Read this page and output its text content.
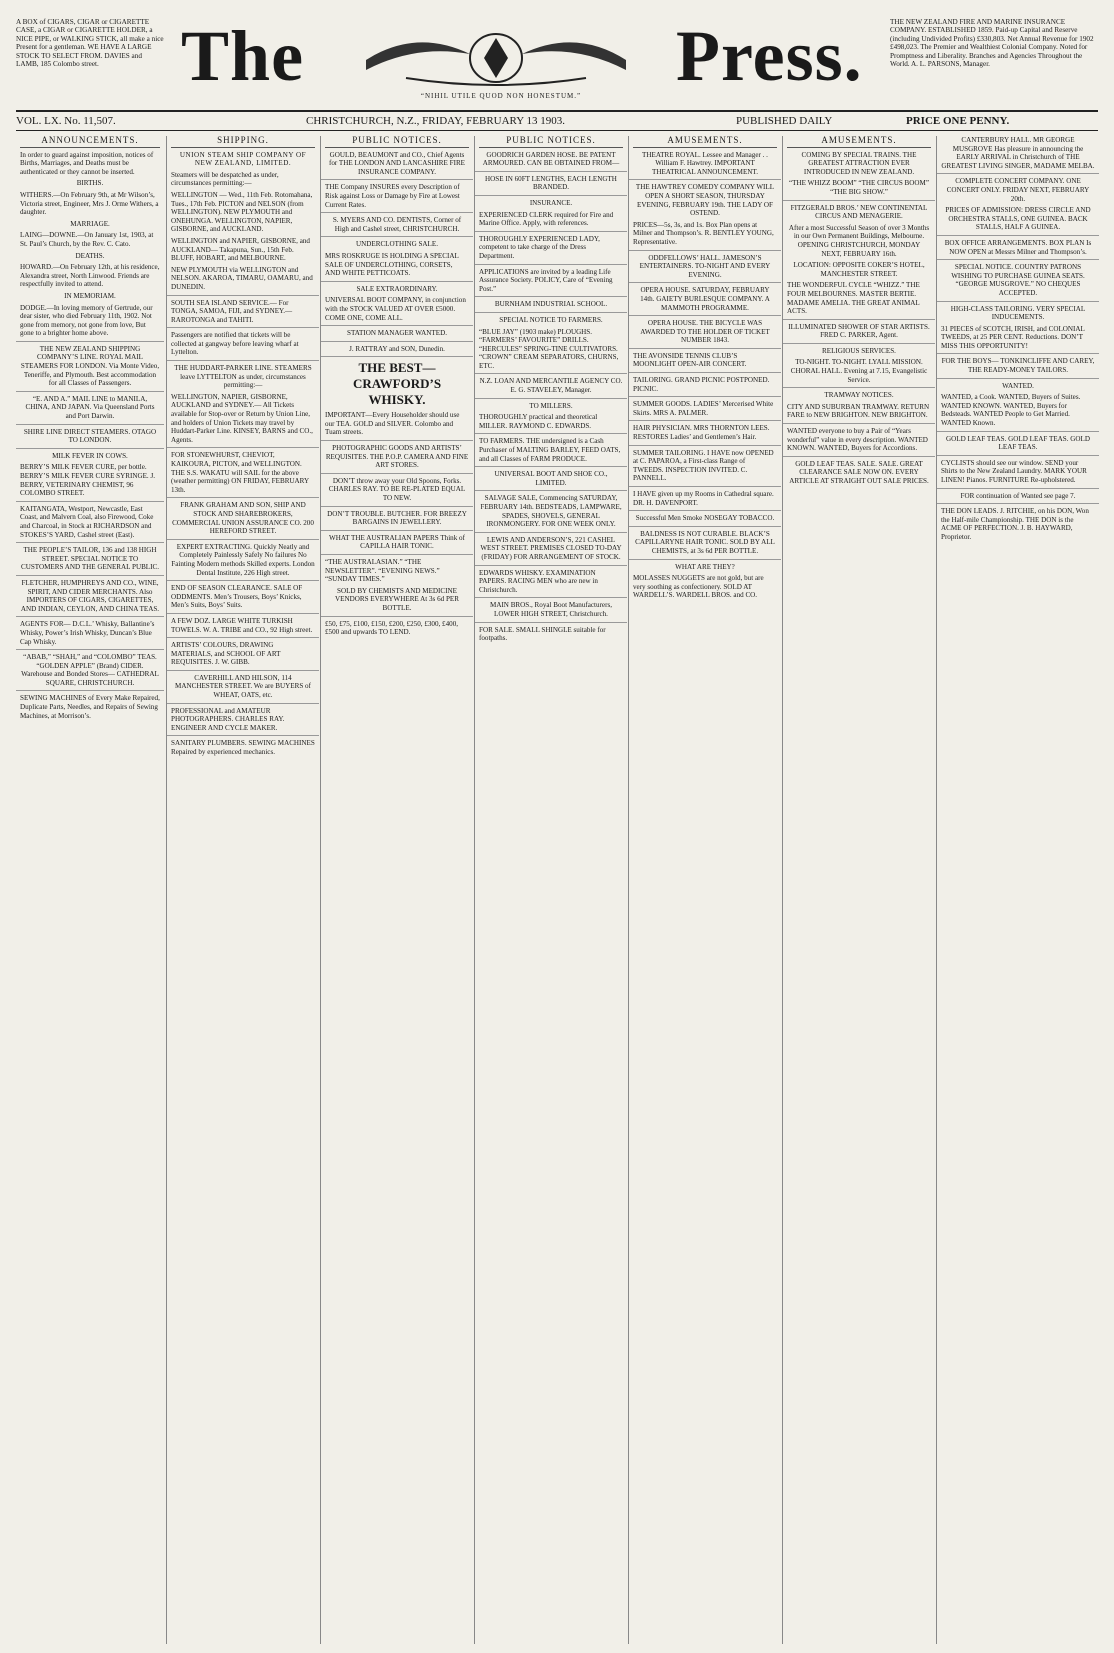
A BOX of CIGARS, CIGAR or CIGARETTE CASE, a CIGAR or CIGARETTE HOLDER, a NICE PIPE, or WALKING STICK, all make a nice Present for a gentleman. WE HAVE A LARGE STOCK TO SELECT FROM. DAVIES and LAMB, 185 Colombo street.	The	“NIHIL UTILE QUOD NON HONESTUM.”	Press.	THE NEW ZEALAND FIRE AND MARINE INSURANCE COMPANY. ESTABLISHED 1859. Paid-up Capital and Reserve (including Undivided Profits) £330,803. Net Annual Revenue for 1902 £498,023. The Premier and Wealthiest Colonial Company. Noted for Promptness and Liberality. Branches and Agencies Throughout the World. A. L. PARSONS, Manager.
VOL. LX. No. 11,507.	CHRISTCHURCH, N.Z., FRIDAY, FEBRUARY 13 1903.	PUBLISHED DAILY	PRICE ONE PENNY.
ANNOUNCEMENTS.
In order to guard against imposition, notices of Births, Marriages, and Deaths must be authenticated or they cannot be inserted.
BIRTHS.
WITHERS.—On February 9th, at Mr Wilson’s, Victoria street, Engineer, Mrs J. Orme Withers, a daughter.
MARRIAGE.
LAING—DOWNE.—On January 1st, 1903, at St. Paul’s Church, by the Rev. C. Cato.
DEATHS.
HOWARD.—On February 12th, at his residence, Alexandra street, North Linwood. Friends are respectfully invited to attend.
IN MEMORIAM.
DODGE.—In loving memory of Gertrude, our dear sister, who died February 11th, 1902. Not gone from memory, not gone from love, But gone to a brighter home above.
THE NEW ZEALAND SHIPPING COMPANY’S LINE. ROYAL MAIL STEAMERS FOR LONDON. Via Monte Video, Teneriffe, and Plymouth. Best accommodation for all Classes of Passengers.
“E. AND A.” MAIL LINE to MANILA, CHINA, AND JAPAN. Via Queensland Ports and Port Darwin.
SHIRE LINE DIRECT STEAMERS. OTAGO TO LONDON.
MILK FEVER IN COWS.
BERRY’S MILK FEVER CURE, per bottle. BERRY’S MILK FEVER CURE SYRINGE. J. BERRY, VETERINARY CHEMIST, 96 COLOMBO STREET.
KAITANGATA, Westport, Newcastle, East Coast, and Malvern Coal, also Firewood, Coke and Charcoal, in Stock at RICHARDSON and STOKES’S YARD, Cashel street (East).
THE PEOPLE’S TAILOR, 136 and 138 HIGH STREET. SPECIAL NOTICE TO CUSTOMERS AND THE GENERAL PUBLIC.
FLETCHER, HUMPHREYS AND CO., WINE, SPIRIT, AND CIDER MERCHANTS. Also IMPORTERS OF CIGARS, CIGARETTES, AND INDIAN, CEYLON, AND CHINA TEAS.
AGENTS FOR— D.C.L.’ Whisky, Ballantine’s Whisky, Power’s Irish Whisky, Duncan’s Blue Cap Whisky.
“ABAB,” “SHAH,” and “COLOMBO” TEAS. “GOLDEN APPLE” (Brand) CIDER. Warehouse and Bonded Stores— CATHEDRAL SQUARE, CHRISTCHURCH.
SEWING MACHINES of Every Make Repaired, Duplicate Parts, Needles, and Repairs of Sewing Machines, at Morrison’s.
SHIPPING.
UNION STEAM SHIP COMPANY OF NEW ZEALAND, LIMITED.
Steamers will be despatched as under, circumstances permitting:—
WELLINGTON — Wed., 11th Feb. Rotomahana, Tues., 17th Feb. PICTON and NELSON (from WELLINGTON). NEW PLYMOUTH and ONEHUNGA. WELLINGTON, NAPIER, GISBORNE, and AUCKLAND.
WELLINGTON and NAPIER, GISBORNE, and AUCKLAND— Takapuna, Sun., 15th Feb. BLUFF, HOBART, and MELBOURNE.
NEW PLYMOUTH via WELLINGTON and NELSON. AKAROA, TIMARU, OAMARU, and DUNEDIN.
SOUTH SEA ISLAND SERVICE.— For TONGA, SAMOA, FIJI, and SYDNEY.— RAROTONGA and TAHITI.
Passengers are notified that tickets will be collected at gangway before leaving wharf at Lyttelton.
THE HUDDART-PARKER LINE. STEAMERS leave LYTTELTON as under, circumstances permitting:—
WELLINGTON, NAPIER, GISBORNE, AUCKLAND and SYDNEY.— All Tickets available for Stop-over or Return by Union Line, and holders of Union Tickets may travel by Huddart-Parker Line. KINSEY, BARNS and CO., Agents.
FOR STONEWHURST, CHEVIOT, KAIKOURA, PICTON, and WELLINGTON. THE S.S. WAKATU will SAIL for the above (weather permitting) ON FRIDAY, FEBRUARY 13th.
FRANK GRAHAM AND SON, SHIP AND STOCK AND SHAREBROKERS, COMMERCIAL UNION ASSURANCE CO. 200 HEREFORD STREET.
EXPERT EXTRACTING. Quickly Neatly and Completely Painlessly Safely No failures No Fainting Modern methods Skilled experts. London Dental Institute, 226 High street.
END OF SEASON CLEARANCE. SALE OF ODDMENTS. Men’s Trousers, Boys’ Knicks, Men’s Suits, Boys’ Suits.
A FEW DOZ. LARGE WHITE TURKISH TOWELS. W. A. TRIBE and CO., 92 High street.
ARTISTS’ COLOURS, DRAWING MATERIALS, and SCHOOL OF ART REQUISITES. J. W. GIBB.
CAVERHILL AND HILSON, 114 MANCHESTER STREET. We are BUYERS of WHEAT, OATS, etc.
PROFESSIONAL and AMATEUR PHOTOGRAPHERS. CHARLES RAY. ENGINEER AND CYCLE MAKER.
SANITARY PLUMBERS. SEWING MACHINES Repaired by experienced mechanics.
PUBLIC NOTICES.
GOULD, BEAUMONT and CO., Chief Agents for THE LONDON AND LANCASHIRE FIRE INSURANCE COMPANY.
THE Company INSURES every Description of Risk against Loss or Damage by Fire at Lowest Current Rates.
S. MYERS AND CO. DENTISTS, Corner of High and Cashel street, CHRISTCHURCH.
UNDERCLOTHING SALE.
MRS ROSKRUGE IS HOLDING A SPECIAL SALE OF UNDERCLOTHING, CORSETS, AND WHITE PETTICOATS.
SALE EXTRAORDINARY.
UNIVERSAL BOOT COMPANY, in conjunction with the STOCK VALUED AT OVER £5000. COME ONE, COME ALL.
STATION MANAGER WANTED.
J. RATTRAY and SON, Dunedin.
THE BEST— CRAWFORD’S WHISKY.
IMPORTANT—Every Householder should use our TEA. GOLD and SILVER. Colombo and Tuam streets.
PHOTOGRAPHIC GOODS AND ARTISTS’ REQUISITES. THE P.O.P. CAMERA AND FINE ART STORES.
DON’T throw away your Old Spoons, Forks. CHARLES RAY. TO BE RE-PLATED EQUAL TO NEW.
DON’T TROUBLE. BUTCHER. FOR BREEZY BARGAINS IN JEWELLERY.
WHAT THE AUSTRALIAN PAPERS Think of CAPILLA HAIR TONIC.
“THE AUSTRALASIAN.” “THE NEWSLETTER”. “EVENING NEWS.” “SUNDAY TIMES.”
SOLD BY CHEMISTS AND MEDICINE VENDORS EVERYWHERE At 3s 6d PER BOTTLE.
£50, £75, £100, £150, £200, £250, £300, £400, £500 and upwards TO LEND.
PUBLIC NOTICES.
GOODRICH GARDEN HOSE. BE PATENT ARMOURED. CAN BE OBTAINED FROM—
HOSE IN 60FT LENGTHS, EACH LENGTH BRANDED.
INSURANCE.
EXPERIENCED CLERK required for Fire and Marine Office. Apply, with references.
THOROUGHLY EXPERIENCED LADY, competent to take charge of the Dress Department.
APPLICATIONS are invited by a leading Life Assurance Society. POLICY, Care of “Evening Post.”
BURNHAM INDUSTRIAL SCHOOL.
SPECIAL NOTICE TO FARMERS.
“BLUE JAY” (1903 make) PLOUGHS. “FARMERS’ FAVOURITE” DRILLS. “HERCULES” SPRING-TINE CULTIVATORS. “CROWN” CREAM SEPARATORS, CHURNS, ETC.
N.Z. LOAN AND MERCANTILE AGENCY CO. E. G. STAVELEY, Manager.
TO MILLERS.
THOROUGHLY practical and theoretical MILLER. RAYMOND C. EDWARDS.
TO FARMERS. THE undersigned is a Cash Purchaser of MALTING BARLEY, FEED OATS, and all Classes of FARM PRODUCE.
UNIVERSAL BOOT AND SHOE CO., LIMITED.
SALVAGE SALE, Commencing SATURDAY, FEBRUARY 14th. BEDSTEADS, LAMPWARE, SPADES, SHOVELS, GENERAL IRONMONGERY. FOR ONE WEEK ONLY.
LEWIS AND ANDERSON’S, 221 CASHEL WEST STREET. PREMISES CLOSED TO-DAY (FRIDAY) FOR ARRANGEMENT OF STOCK.
EDWARDS WHISKY. EXAMINATION PAPERS. RACING MEN who are new in Christchurch.
MAIN BROS., Royal Boot Manufacturers, LOWER HIGH STREET, Christchurch.
FOR SALE. SMALL SHINGLE suitable for footpaths.
AMUSEMENTS.
THEATRE ROYAL. Lessee and Manager . . William F. Hawtrey. IMPORTANT THEATRICAL ANNOUNCEMENT.
THE HAWTREY COMEDY COMPANY WILL OPEN A SHORT SEASON, THURSDAY EVENING, FEBRUARY 19th. THE LADY OF OSTEND.
PRICES—5s, 3s, and 1s. Box Plan opens at Milner and Thompson’s. R. BENTLEY YOUNG, Representative.
ODDFELLOWS’ HALL. JAMESON’S ENTERTAINERS. TO-NIGHT AND EVERY EVENING.
OPERA HOUSE. SATURDAY, FEBRUARY 14th. GAIETY BURLESQUE COMPANY. A MAMMOTH PROGRAMME.
OPERA HOUSE. THE BICYCLE WAS AWARDED TO THE HOLDER OF TICKET NUMBER 1843.
THE AVONSIDE TENNIS CLUB’S MOONLIGHT OPEN-AIR CONCERT.
TAILORING. GRAND PICNIC POSTPONED. PICNIC.
SUMMER GOODS. LADIES’ Mercerised White Skirts. MRS A. PALMER.
HAIR PHYSICIAN. MRS THORNTON LEES. RESTORES Ladies’ and Gentlemen’s Hair.
SUMMER TAILORING. I HAVE now OPENED at C. PAPAROA, a First-class Range of TWEEDS. INSPECTION INVITED. C. PANNELL.
I HAVE given up my Rooms in Cathedral square. DR. H. DAVENPORT.
Successful Men Smoke NOSEGAY TOBACCO.
BALDNESS IS NOT CURABLE. BLACK’S CAPILLARYNE HAIR TONIC. SOLD BY ALL CHEMISTS, at 3s 6d PER BOTTLE.
WHAT ARE THEY?
MOLASSES NUGGETS are not gold, but are very soothing as confectionery. SOLD AT WARDELL’S. WARDELL BROS. and CO.
AMUSEMENTS.
COMING BY SPECIAL TRAINS. THE GREATEST ATTRACTION EVER INTRODUCED IN NEW ZEALAND.
“THE WHIZZ BOOM” “THE CIRCUS BOOM” “THE BIG SHOW.”
FITZGERALD BROS.’ NEW CONTINENTAL CIRCUS AND MENAGERIE.
After a most Successful Season of over 3 Months in our Own Permanent Buildings, Melbourne. OPENING CHRISTCHURCH, MONDAY NEXT, FEBRUARY 16th.
LOCATION: OPPOSITE COKER’S HOTEL, MANCHESTER STREET.
THE WONDERFUL CYCLE “WHIZZ.” THE FOUR MELBOURNES. MASTER BERTIE. MADAME AMELIA. THE GREAT ANIMAL ACTS.
ILLUMINATED SHOWER OF STAR ARTISTS. FRED C. PARKER, Agent.
RELIGIOUS SERVICES.
TO-NIGHT. TO-NIGHT. LYALL MISSION. CHORAL HALL. Evening at 7.15, Evangelistic Service.
TRAMWAY NOTICES.
CITY AND SUBURBAN TRAMWAY. RETURN FARE to NEW BRIGHTON. NEW BRIGHTON.
WANTED everyone to buy a Pair of “Years wonderful” value in every description. WANTED KNOWN. WANTED, Buyers for Accordions.
GOLD LEAF TEAS. SALE. SALE. GREAT CLEARANCE SALE NOW ON. EVERY ARTICLE AT STRAIGHT OUT SALE PRICES.
CANTERBURY HALL. MR GEORGE MUSGROVE Has pleasure in announcing the EARLY ARRIVAL in Christchurch of THE GREATEST LIVING SINGER, MADAME MELBA.
COMPLETE CONCERT COMPANY. ONE CONCERT ONLY. FRIDAY NEXT, FEBRUARY 20th.
PRICES OF ADMISSION: DRESS CIRCLE AND ORCHESTRA STALLS, ONE GUINEA. BACK STALLS, HALF A GUINEA.
BOX OFFICE ARRANGEMENTS. BOX PLAN Is NOW OPEN at Messrs Milner and Thompson’s.
SPECIAL NOTICE. COUNTRY PATRONS WISHING TO PURCHASE GUINEA SEATS. “GEORGE MUSGROVE.” NO CHEQUES ACCEPTED.
HIGH-CLASS TAILORING. VERY SPECIAL INDUCEMENTS.
31 PIECES of SCOTCH, IRISH, and COLONIAL TWEEDS, at 25 PER CENT. Reductions. DON’T MISS THIS OPPORTUNITY!
FOR THE BOYS— TONKINCLIFFE AND CAREY, THE READY-MONEY TAILORS.
WANTED.
WANTED, a Cook. WANTED, Buyers of Suites. WANTED KNOWN. WANTED, Buyers for Bedsteads. WANTED People to Get Married. WANTED Known.
GOLD LEAF TEAS. GOLD LEAF TEAS. GOLD LEAF TEAS.
CYCLISTS should see our window. SEND your Shirts to the New Zealand Laundry. MARK YOUR LINEN! Pianos. FURNITURE Re-upholstered.
FOR continuation of Wanted see page 7.
THE DON LEADS. J. RITCHIE, on his DON, Won the Half-mile Championship. THE DON is the ACME OF PERFECTION. J. B. HAYWARD, Proprietor.
